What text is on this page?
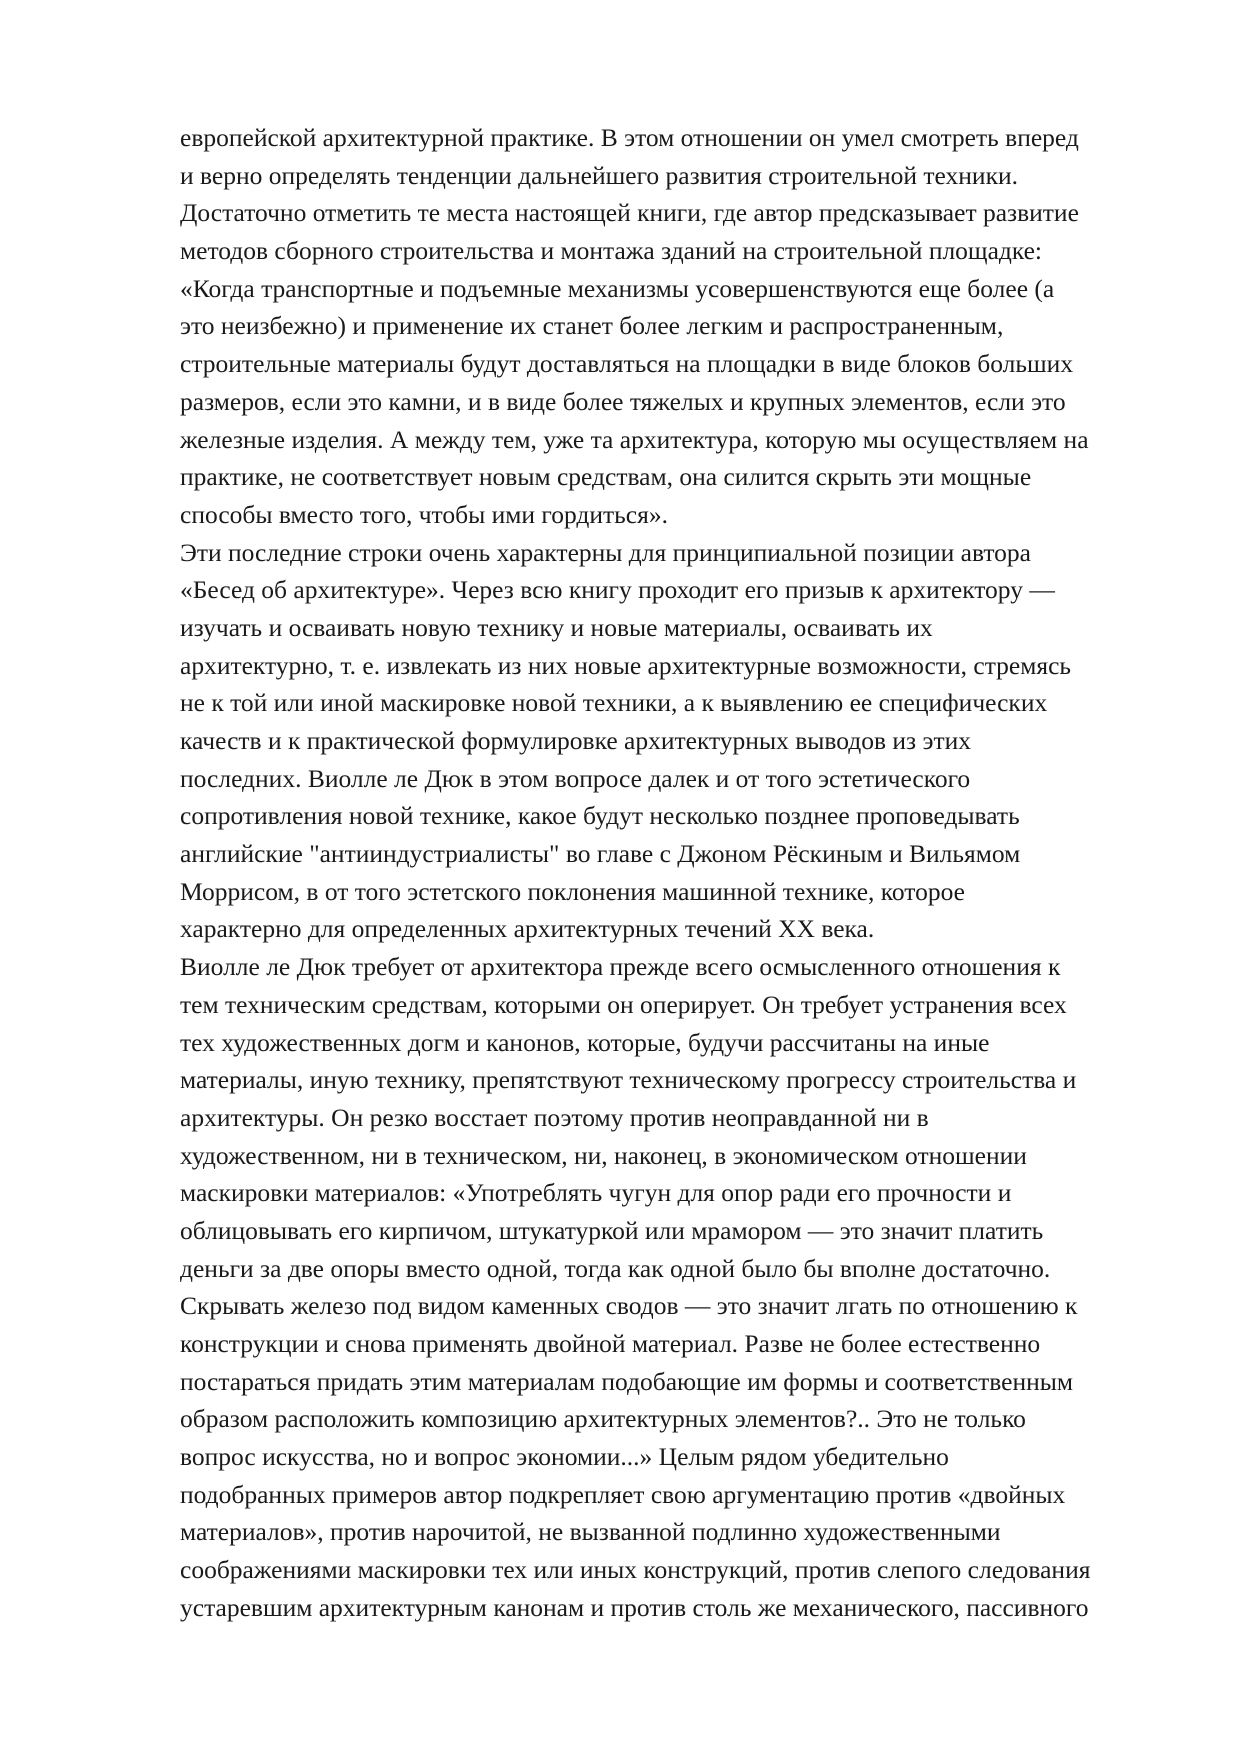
европейской архитектурной практике. В этом отношении он умел смотреть вперед
и верно определять тенденции дальнейшего развития строительной техники.
Достаточно отметить те места настоящей книги, где автор предсказывает развитие
методов сборного строительства и монтажа зданий на строительной площадке:
«Когда транспортные и подъемные механизмы усовершенствуются еще более (а
это неизбежно) и применение их станет более легким и распространенным,
строительные материалы будут доставляться на площадки в виде блоков больших
размеров, если это камни, и в виде более тяжелых и крупных элементов, если это
железные изделия. А между тем, уже та архитектура, которую мы осуществляем на
практике, не соответствует новым средствам, она силится скрыть эти мощные
способы вместо того, чтобы ими гордиться».
Эти последние строки очень характерны для принципиальной позиции автора
«Бесед об архитектуре». Через всю книгу проходит его призыв к архитектору —
изучать и осваивать новую технику и новые материалы, осваивать их
архитектурно, т. е. извлекать из них новые архитектурные возможности, стремясь
не к той или иной маскировке новой техники, а к выявлению ее специфических
качеств и к практической формулировке архитектурных выводов из этих
последних. Виолле ле Дюк в этом вопросе далек и от того эстетического
сопротивления новой технике, какое будут несколько позднее проповедывать
английские "антииндустриалисты" во главе с Джоном Рёскиным и Вильямом
Моррисом, в от того эстетского поклонения машинной технике, которое
характерно для определенных архитектурных течений XX века.
Виолле ле Дюк требует от архитектора прежде всего осмысленного отношения к
тем техническим средствам, которыми он оперирует. Он требует устранения всех
тех художественных догм и канонов, которые, будучи рассчитаны на иные
материалы, иную технику, препятствуют техническому прогрессу строительства и
архитектуры. Он резко восстает поэтому против неоправданной ни в
художественном, ни в техническом, ни, наконец, в экономическом отношении
маскировки материалов: «Употреблять чугун для опор ради его прочности и
облицовывать его кирпичом, штукатуркой или мрамором — это значит платить
деньги за две опоры вместо одной, тогда как одной было бы вполне достаточно.
Скрывать железо под видом каменных сводов — это значит лгать по отношению к
конструкции и снова применять двойной материал. Разве не более естественно
постараться придать этим материалам подобающие им формы и соответственным
образом расположить композицию архитектурных элементов?.. Это не только
вопрос искусства, но и вопрос экономии...» Целым рядом убедительно
подобранных примеров автор подкрепляет свою аргументацию против «двойных
материалов», против нарочитой, не вызванной подлинно художественными
соображениями маскировки тех или иных конструкций, против слепого следования
устаревшим архитектурным канонам и против столь же механического, пассивного
